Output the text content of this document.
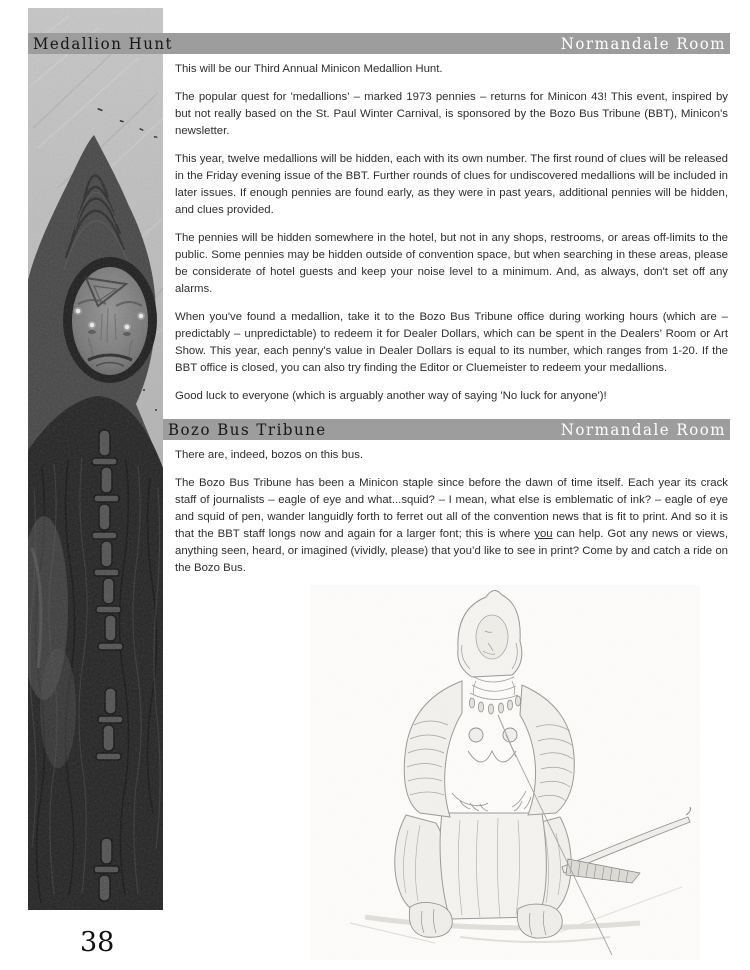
Medallion Hunt	Normandale Room

This will be our Third Annual Minicon Medallion Hunt.

The popular quest for 'medallions' – marked 1973 pennies – returns for Minicon 43! This event, inspired by but not really based on the St. Paul Winter Carnival, is sponsored by the Bozo Bus Tribune (BBT), Minicon's newsletter.

This year, twelve medallions will be hidden, each with its own number. The first round of clues will be released in the Friday evening issue of the BBT. Further rounds of clues for undiscovered medallions will be included in later issues. If enough pennies are found early, as they were in past years, additional pennies will be hidden, and clues provided.

The pennies will be hidden somewhere in the hotel, but not in any shops, restrooms, or areas off-limits to the public. Some pennies may be hidden outside of convention space, but when searching in these areas, please be considerate of hotel guests and keep your noise level to a minimum. And, as always, don't set off any alarms.

When you've found a medallion, take it to the Bozo Bus Tribune office during working hours (which are – predictably – unpredictable) to redeem it for Dealer Dollars, which can be spent in the Dealers’ Room or Art Show. This year, each penny's value in Dealer Dollars is equal to its number, which ranges from 1-20. If the BBT office is closed, you can also try finding the Editor or Cluemeister to redeem your medallions.

Good luck to everyone (which is arguably another way of saying 'No luck for anyone')!

Bozo Bus Tribune	Normandale Room

There are, indeed, bozos on this bus.

The Bozo Bus Tribune has been a Minicon staple since before the dawn of time itself. Each year its crack staff of journalists – eagle of eye and what...squid? – I mean, what else is emblematic of ink? – eagle of eye and squid of pen, wander languidly forth to ferret out all of the convention news that is fit to print. And so it is that the BBT staff longs now and again for a larger font; this is where you can help. Got any news or views, anything seen, heard, or imagined (vividly, please) that you’d like to see in print? Come by and catch a ride on the Bozo Bus.

38
